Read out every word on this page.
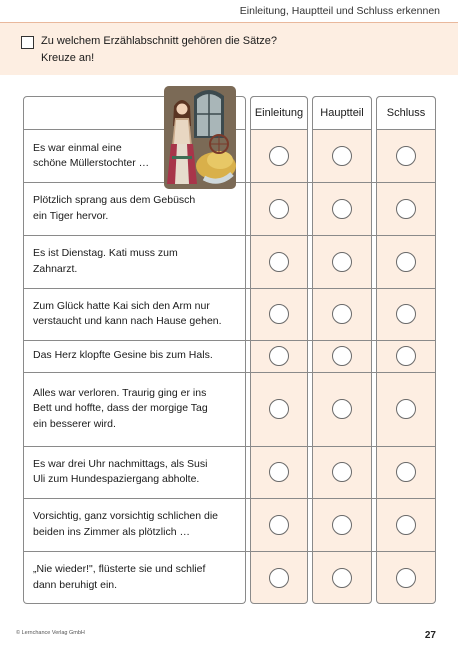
Einleitung, Hauptteil und Schluss erkennen
Zu welchem Erzählabschnitt gehören die Sätze?
Kreuze an!
Einleitung	Hauptteil	Schluss
Es war einmal eine
schöne Müllerstochter …
Plötzlich sprang aus dem Gebüsch
ein Tiger hervor.
Es ist Dienstag. Kati muss zum
Zahnarzt.
Zum Glück hatte Kai sich den Arm nur
verstaucht und kann nach Hause gehen.
Das Herz klopfte Gesine bis zum Hals.
Alles war verloren. Traurig ging er ins
Bett und hoffte, dass der morgige Tag
ein besserer wird.
Es war drei Uhr nachmittags, als Susi
Uli zum Hundespaziergang abholte.
Vorsichtig, ganz vorsichtig schlichen die
beiden ins Zimmer als plötzlich …
„Nie wieder!", flüsterte sie und schlief
dann beruhigt ein.
© Lernchance Verlag GmbH	27
